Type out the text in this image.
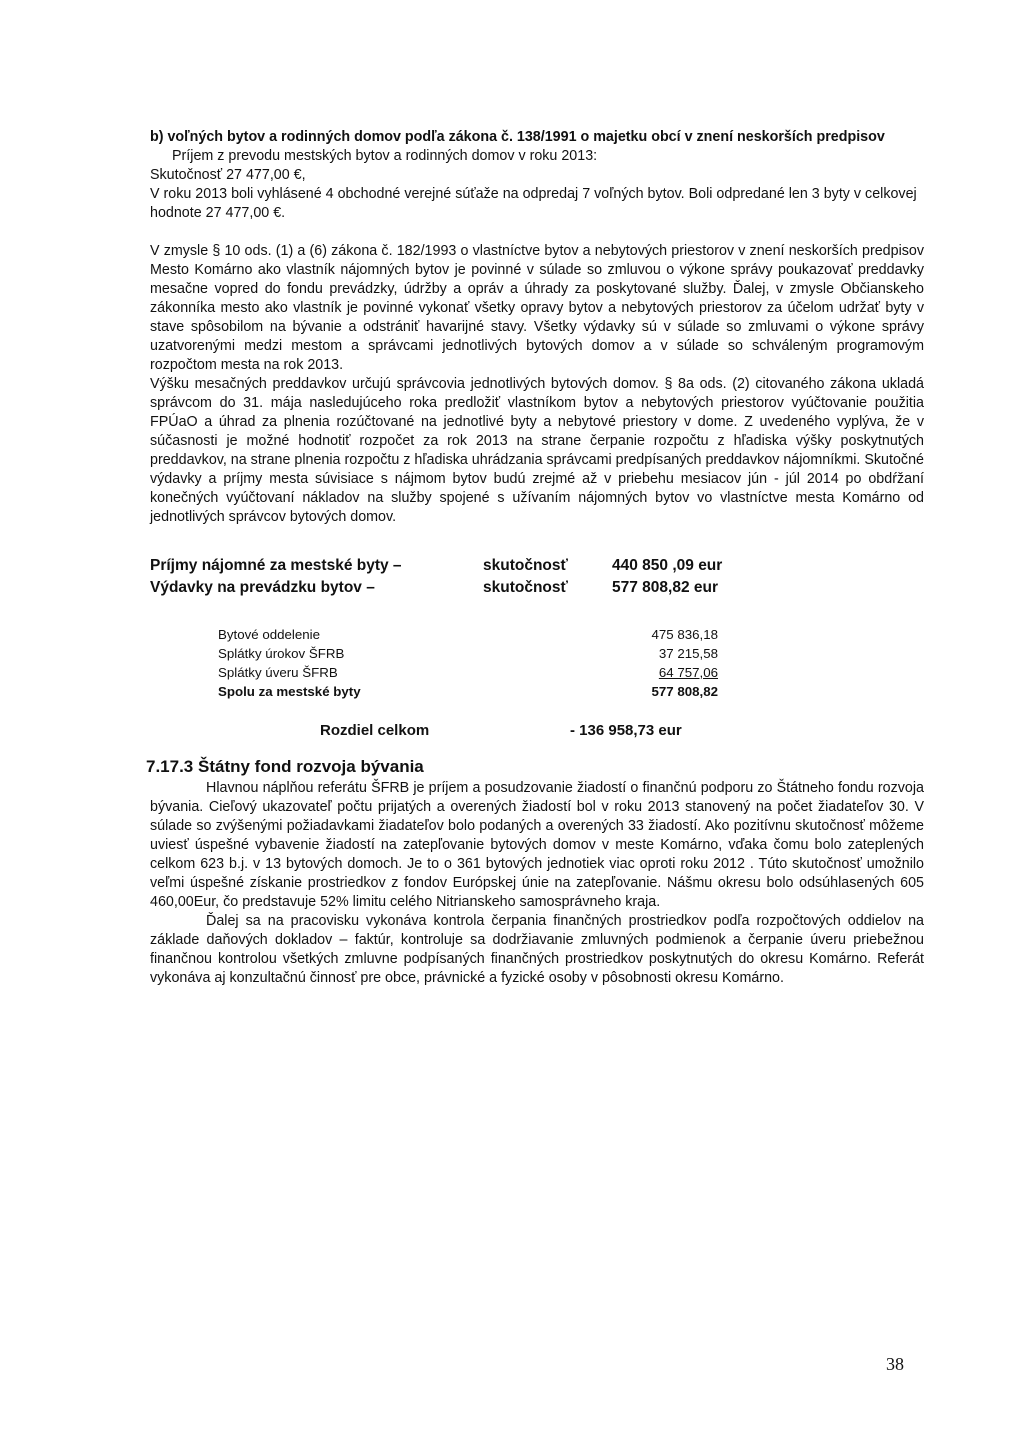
b) voľných bytov a rodinných domov podľa zákona č. 138/1991 o majetku obcí v znení neskorších predpisov

Príjem z prevodu mestských bytov a rodinných domov v roku 2013:

Skutočnosť 27 477,00 €,

V roku 2013 boli vyhlásené 4 obchodné verejné súťaže na odpredaj 7 voľných bytov. Boli odpredané len 3 byty v celkovej hodnote 27 477,00 €.

V zmysle § 10 ods. (1) a (6) zákona č. 182/1993 o vlastníctve bytov a nebytových priestorov v znení neskorších predpisov Mesto Komárno ako vlastník nájomných bytov je povinné v súlade so zmluvou o výkone správy poukazovať preddavky mesačne vopred do fondu prevádzky, údržby a opráv a úhrady za poskytované služby. Ďalej, v zmysle Občianskeho zákonníka mesto ako vlastník je povinné vykonať všetky opravy bytov a nebytových priestorov za účelom udržať byty v stave spôsobilom na bývanie a odstrániť havarijné stavy. Všetky výdavky sú v súlade so zmluvami o výkone správy uzatvorenými medzi mestom a správcami jednotlivých bytových domov a v súlade so schváleným programovým rozpočtom mesta na rok 2013.

Výšku mesačných preddavkov určujú správcovia jednotlivých bytových domov. § 8a ods. (2) citovaného zákona ukladá správcom do 31. mája nasledujúceho roka predložiť vlastníkom bytov a nebytových priestorov vyúčtovanie použitia FPÚaO a úhrad za plnenia rozúčtované na jednotlivé byty a nebytové priestory v dome. Z uvedeného vyplýva, že v súčasnosti je možné hodnotiť rozpočet za rok 2013 na strane čerpanie rozpočtu z hľadiska výšky poskytnutých preddavkov, na strane plnenia rozpočtu z hľadiska uhrádzania správcami predpísaných preddavkov nájomníkmi. Skutočné výdavky a príjmy mesta súvisiace s nájmom bytov budú zrejmé až v priebehu mesiacov jún - júl 2014 po obdŕžaní konečných vyúčtovaní nákladov na služby spojené s užívaním nájomných bytov vo vlastníctve mesta Komárno od jednotlivých správcov bytových domov.

Príjmy nájomné za mestské byty –	skutočnosť	440 850 ,09 eur
Výdavky na prevádzku bytov –	skutočnosť	577 808,82 eur
Bytové oddelenie	475 836,18
Splátky úrokov ŠFRB	37 215,58
Splátky úveru ŠFRB	64 757,06
Spolu za mestské byty	577 808,82
Rozdiel celkom	- 136 958,73 eur

7.17.3 Štátny fond rozvoja bývania

Hlavnou náplňou referátu ŠFRB je príjem a posudzovanie žiadostí o finančnú podporu zo Štátneho fondu rozvoja bývania. Cieľový ukazovateľ počtu prijatých a overených žiadostí bol v roku 2013 stanovený na počet žiadateľov 30. V súlade so zvýšenými požiadavkami žiadateľov bolo podaných a overených 33 žiadostí. Ako pozitívnu skutočnosť môžeme uviesť úspešné vybavenie žiadostí na zatepľovanie bytových domov v meste Komárno, vďaka čomu bolo zateplených celkom 623 b.j. v 13 bytových domoch. Je to o 361 bytových jednotiek viac oproti roku 2012 . Túto skutočnosť umožnilo veľmi úspešné získanie prostriedkov z fondov Európskej únie na zatepľovanie. Nášmu okresu bolo odsúhlasených 605 460,00Eur, čo predstavuje 52% limitu celého Nitrianskeho samosprávneho kraja.

Ďalej sa na pracovisku vykonáva kontrola čerpania finančných prostriedkov podľa rozpočtových oddielov na základe daňových dokladov – faktúr, kontroluje sa dodržiavanie zmluvných podmienok a čerpanie úveru priebežnou finančnou kontrolou všetkých zmluvne podpísaných finančných prostriedkov poskytnutých do okresu Komárno. Referát vykonáva aj konzultačnú činnosť pre obce, právnické a fyzické osoby v pôsobnosti okresu Komárno.

38
